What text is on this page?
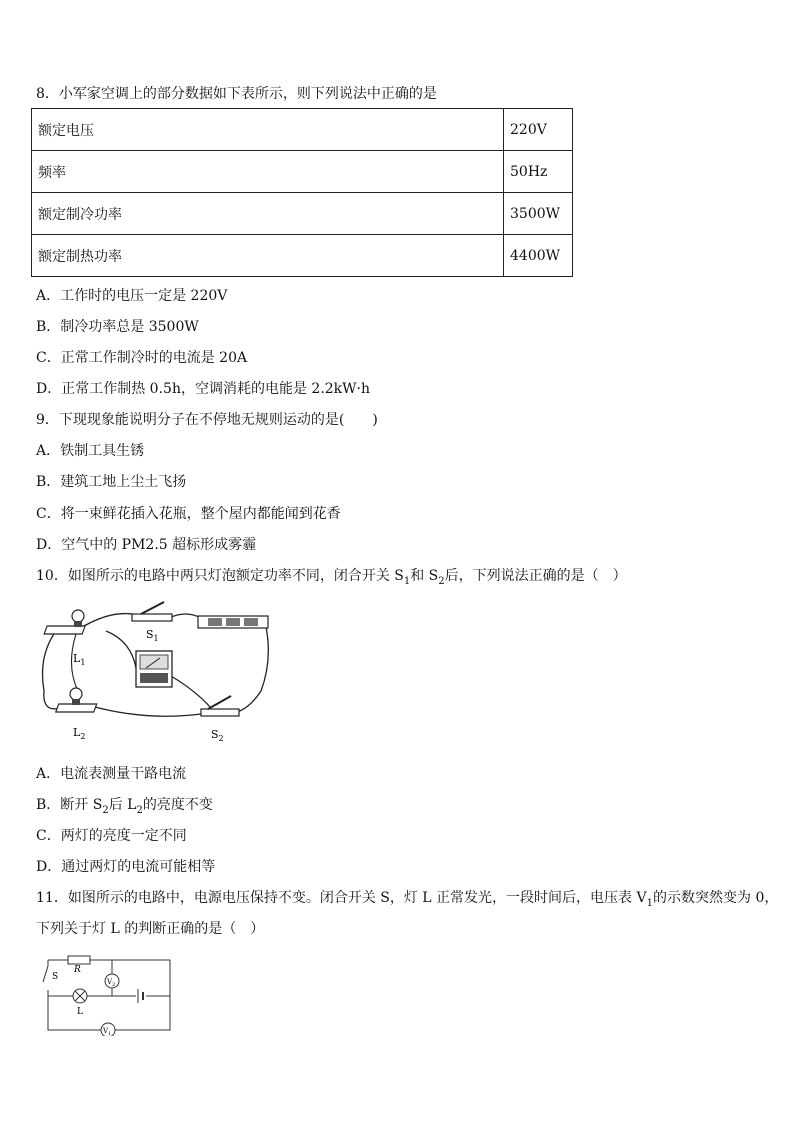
8．小军家空调上的部分数据如下表所示，则下列说法中正确的是
额定电压	220V
频率	50Hz
额定制冷功率	3500W
额定制热功率	4400W
A．工作时的电压一定是 220V
B．制冷功率总是 3500W
C．正常工作制冷时的电流是 20A
D．正常工作制热 0.5h，空调消耗的电能是 2.2kW·h
9．下现现象能说明分子在不停地无规则运动的是(　　)
A．铁制工具生锈
B．建筑工地上尘土飞扬
C．将一束鲜花插入花瓶，整个屋内都能闻到花香
D．空气中的 PM2.5 超标形成雾霾
10．如图所示的电路中两只灯泡额定功率不同，闭合开关 $S_1$和 $S_2$后，下列说法正确的是（　）
$L_1$
$L_2$
$S_1$
$S_2$
A．电流表测量干路电流
B．断开 $S_2$后 $L_2$的亮度不变
C．两灯的亮度一定不同
D．通过两灯的电流可能相等
11．如图所示的电路中，电源电压保持不变。闭合开关 S，灯 L 正常发光，一段时间后，电压表 $V_1$的示数突然变为 0，
下列关于灯 L 的判断正确的是（　）
R
S	$V_2$
L
$V_1$
